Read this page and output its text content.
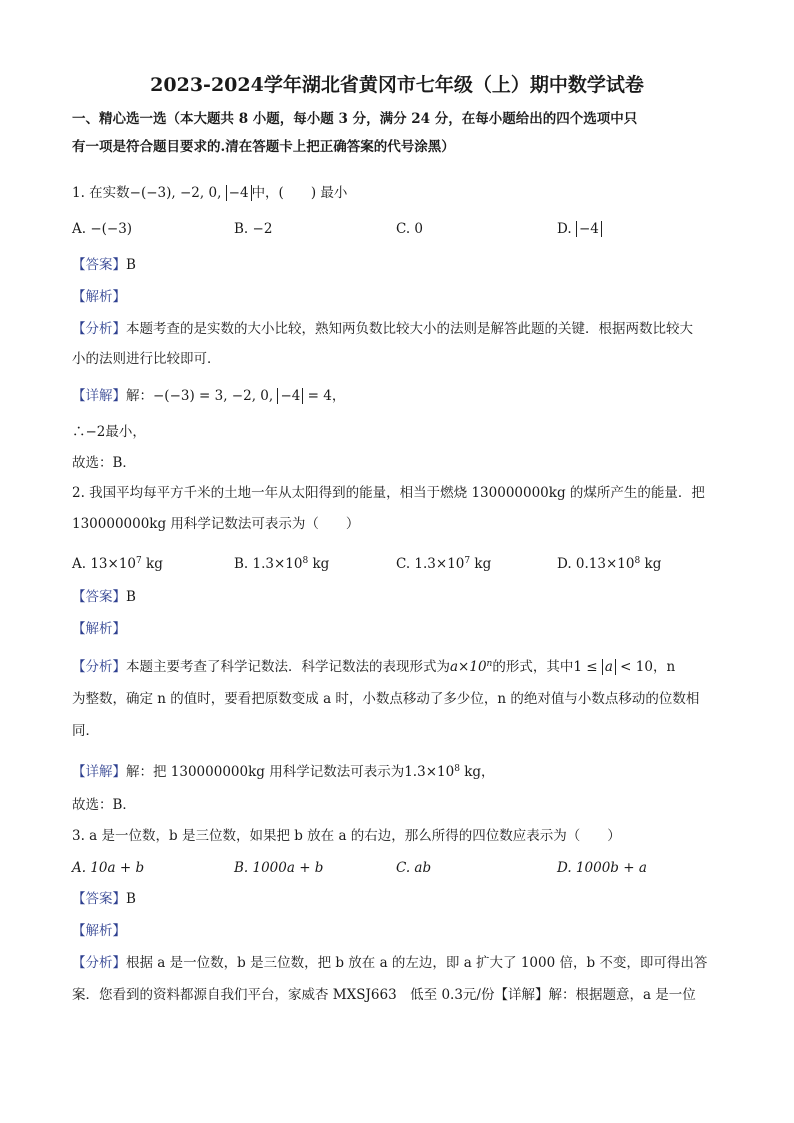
2023-2024学年湖北省黄冈市七年级（上）期中数学试卷
一、精心选一选（本大题共 8 小题，每小题 3 分，满分 24 分，在每小题给出的四个选项中只
有一项是符合题目要求的.清在答题卡上把正确答案的代号涂黑）
1. 在实数−(−3), −2, 0, −4 中，(　　) 最小
A. −(−3)	B. −2	C. 0	D. −4
【答案】B
【解析】
【分析】本题考查的是实数的大小比较，熟知两负数比较大小的法则是解答此题的关键．根据两数比较大
小的法则进行比较即可．
【详解】解：−(−3) = 3, −2, 0, −4 = 4，
∴−2最小，
故选：B．
2. 我国平均每平方千米的土地一年从太阳得到的能量，相当于燃烧 130000000kg 的煤所产生的能量．把
130000000kg 用科学记数法可表示为（　　）
A. $13\times 10^7$ kg	B. $1.3\times 10^8$ kg	C. $1.3\times 10^7$ kg	D. $0.13\times 10^8$ kg
【答案】B
【解析】
【分析】本题主要考查了科学记数法．科学记数法的表现形式为$a\times 10^n$的形式，其中1 ≤ a < 10，n
为整数，确定 n 的值时，要看把原数变成 a 时，小数点移动了多少位，n 的绝对值与小数点移动的位数相
同．
【详解】解：把 130000000kg 用科学记数法可表示为$1.3\times 10^8$ kg，
故选：B．
3. a 是一位数，b 是三位数，如果把 b 放在 a 的右边，那么所得的四位数应表示为（　　）
A. 10a + b	B. 1000a + b	C. ab	D. 1000b + a
【答案】B
【解析】
【分析】根据 a 是一位数，b 是三位数，把 b 放在 a 的左边，即 a 扩大了 1000 倍，b 不变，即可得出答
案．您看到的资料都源自我们平台，家威杏 MXSJ663　低至 0.3元/份【详解】解：根据题意，a 是一位
